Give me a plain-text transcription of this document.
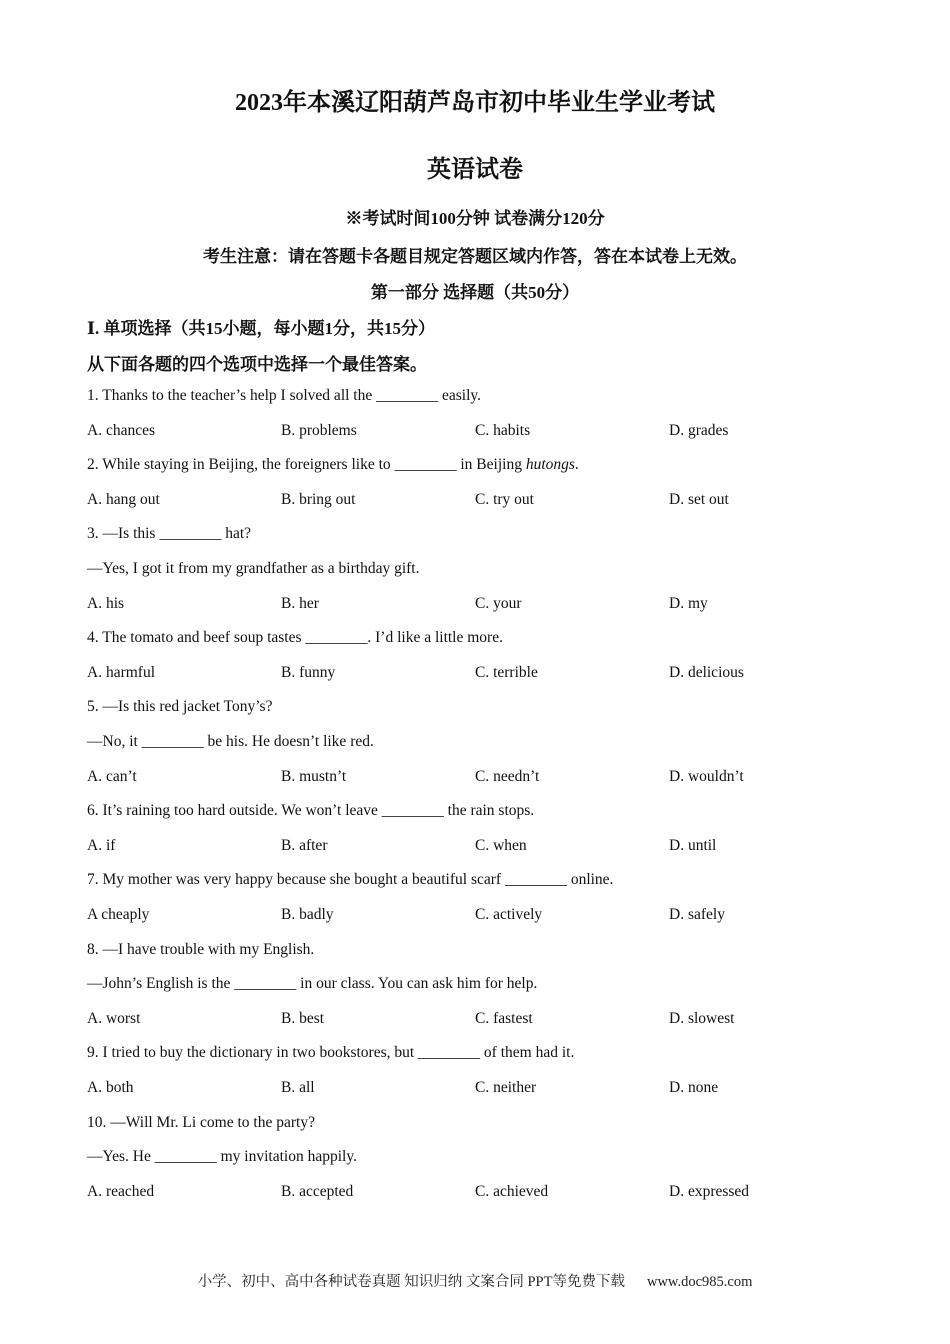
2023年本溪辽阳葫芦岛市初中毕业生学业考试
英语试卷
※考试时间100分钟 试卷满分120分
考生注意：请在答题卡各题目规定答题区域内作答，答在本试卷上无效。
第一部分 选择题（共50分）
Ⅰ. 单项选择（共15小题，每小题1分，共15分）
从下面各题的四个选项中选择一个最佳答案。
1. Thanks to the teacher’s help I solved all the ________ easily.
A. chances	B. problems	C. habits	D. grades
2. While staying in Beijing, the foreigners like to ________ in Beijing hutongs.
A. hang out	B. bring out	C. try out	D. set out
3. —Is this ________ hat?
—Yes, I got it from my grandfather as a birthday gift.
A. his	B. her	C. your	D. my
4. The tomato and beef soup tastes ________. I’d like a little more.
A. harmful	B. funny	C. terrible	D. delicious
5. —Is this red jacket Tony’s?
—No, it ________ be his. He doesn’t like red.
A. can’t	B. mustn’t	C. needn’t	D. wouldn’t
6. It’s raining too hard outside. We won’t leave ________ the rain stops.
A. if	B. after	C. when	D. until
7. My mother was very happy because she bought a beautiful scarf ________ online.
A cheaply	B. badly	C. actively	D. safely
8. —I have trouble with my English.
—John’s English is the ________ in our class. You can ask him for help.
A. worst	B. best	C. fastest	D. slowest
9. I tried to buy the dictionary in two bookstores, but ________ of them had it.
A. both	B. all	C. neither	D. none
10. —Will Mr. Li come to the party?
—Yes. He ________ my invitation happily.
A. reached	B. accepted	C. achieved	D. expressed
小学、初中、高中各种试卷真题 知识归纳 文案合同 PPT等免费下载 www.doc985.com
